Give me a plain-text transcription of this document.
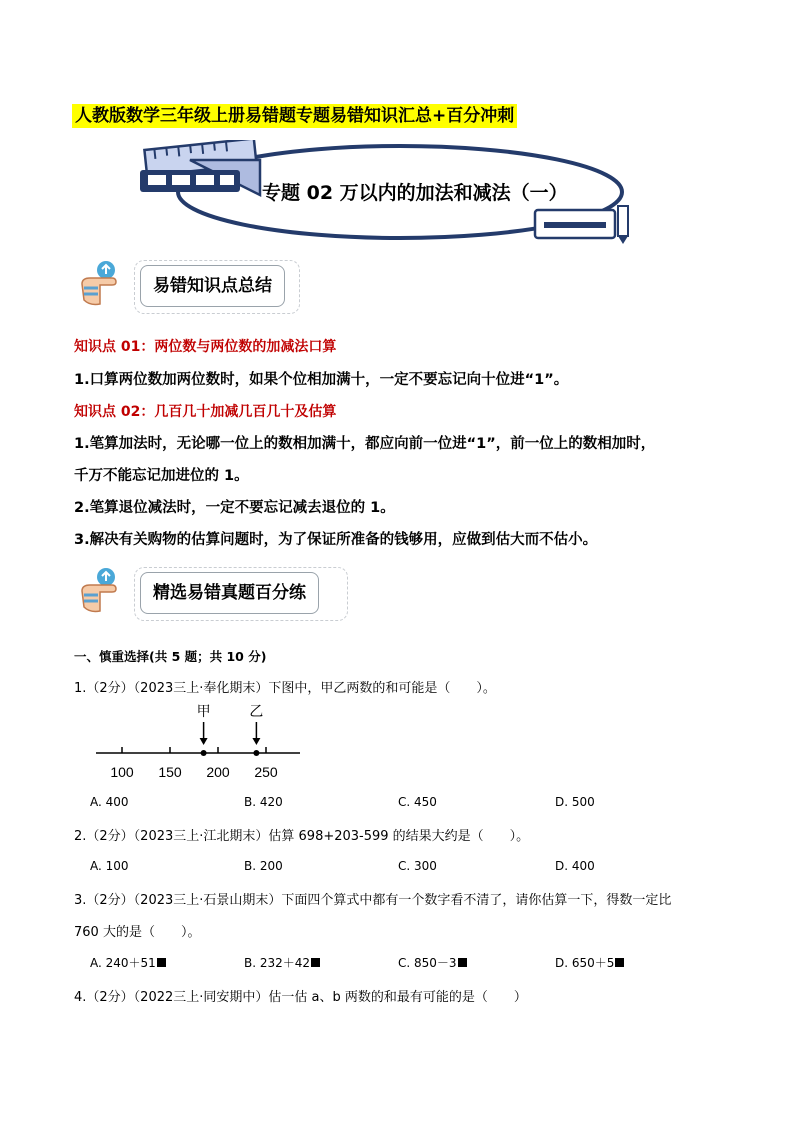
人教版数学三年级上册易错题专题易错知识汇总+百分冲刺
专题 02 万以内的加法和减法（一）
易错知识点总结
知识点 01：两位数与两位数的加减法口算
1.口算两位数加两位数时，如果个位相加满十，一定不要忘记向十位进“1”。
知识点 02：几百几十加减几百几十及估算
1.笔算加法时，无论哪一位上的数相加满十，都应向前一位进“1”，前一位上的数相加时，
千万不能忘记加进位的 1。
2.笔算退位减法时，一定不要忘记减去退位的 1。
3.解决有关购物的估算问题时，为了保证所准备的钱够用，应做到估大而不估小。
精选易错真题百分练
一、慎重选择(共 5 题；共 10 分)
1.（2分）（2023三上·奉化期末）下图中，甲乙两数的和可能是（　　）。
100 150 200 250
甲	乙
A. 400	B. 420	C. 450	D. 500
2.（2分）（2023三上·江北期末）估算 698+203-599 的结果大约是（　　）。
A. 100	B. 200	C. 300	D. 400
3.（2分）（2023三上·石景山期末）下面四个算式中都有一个数字看不清了，请你估算一下，得数一定比
760 大的是（　　）。
A. 240＋51	B. 232＋42	C. 850－3	D. 650＋5
4.（2分）（2022三上·同安期中）估一估 a、b 两数的和最有可能的是（　　）
